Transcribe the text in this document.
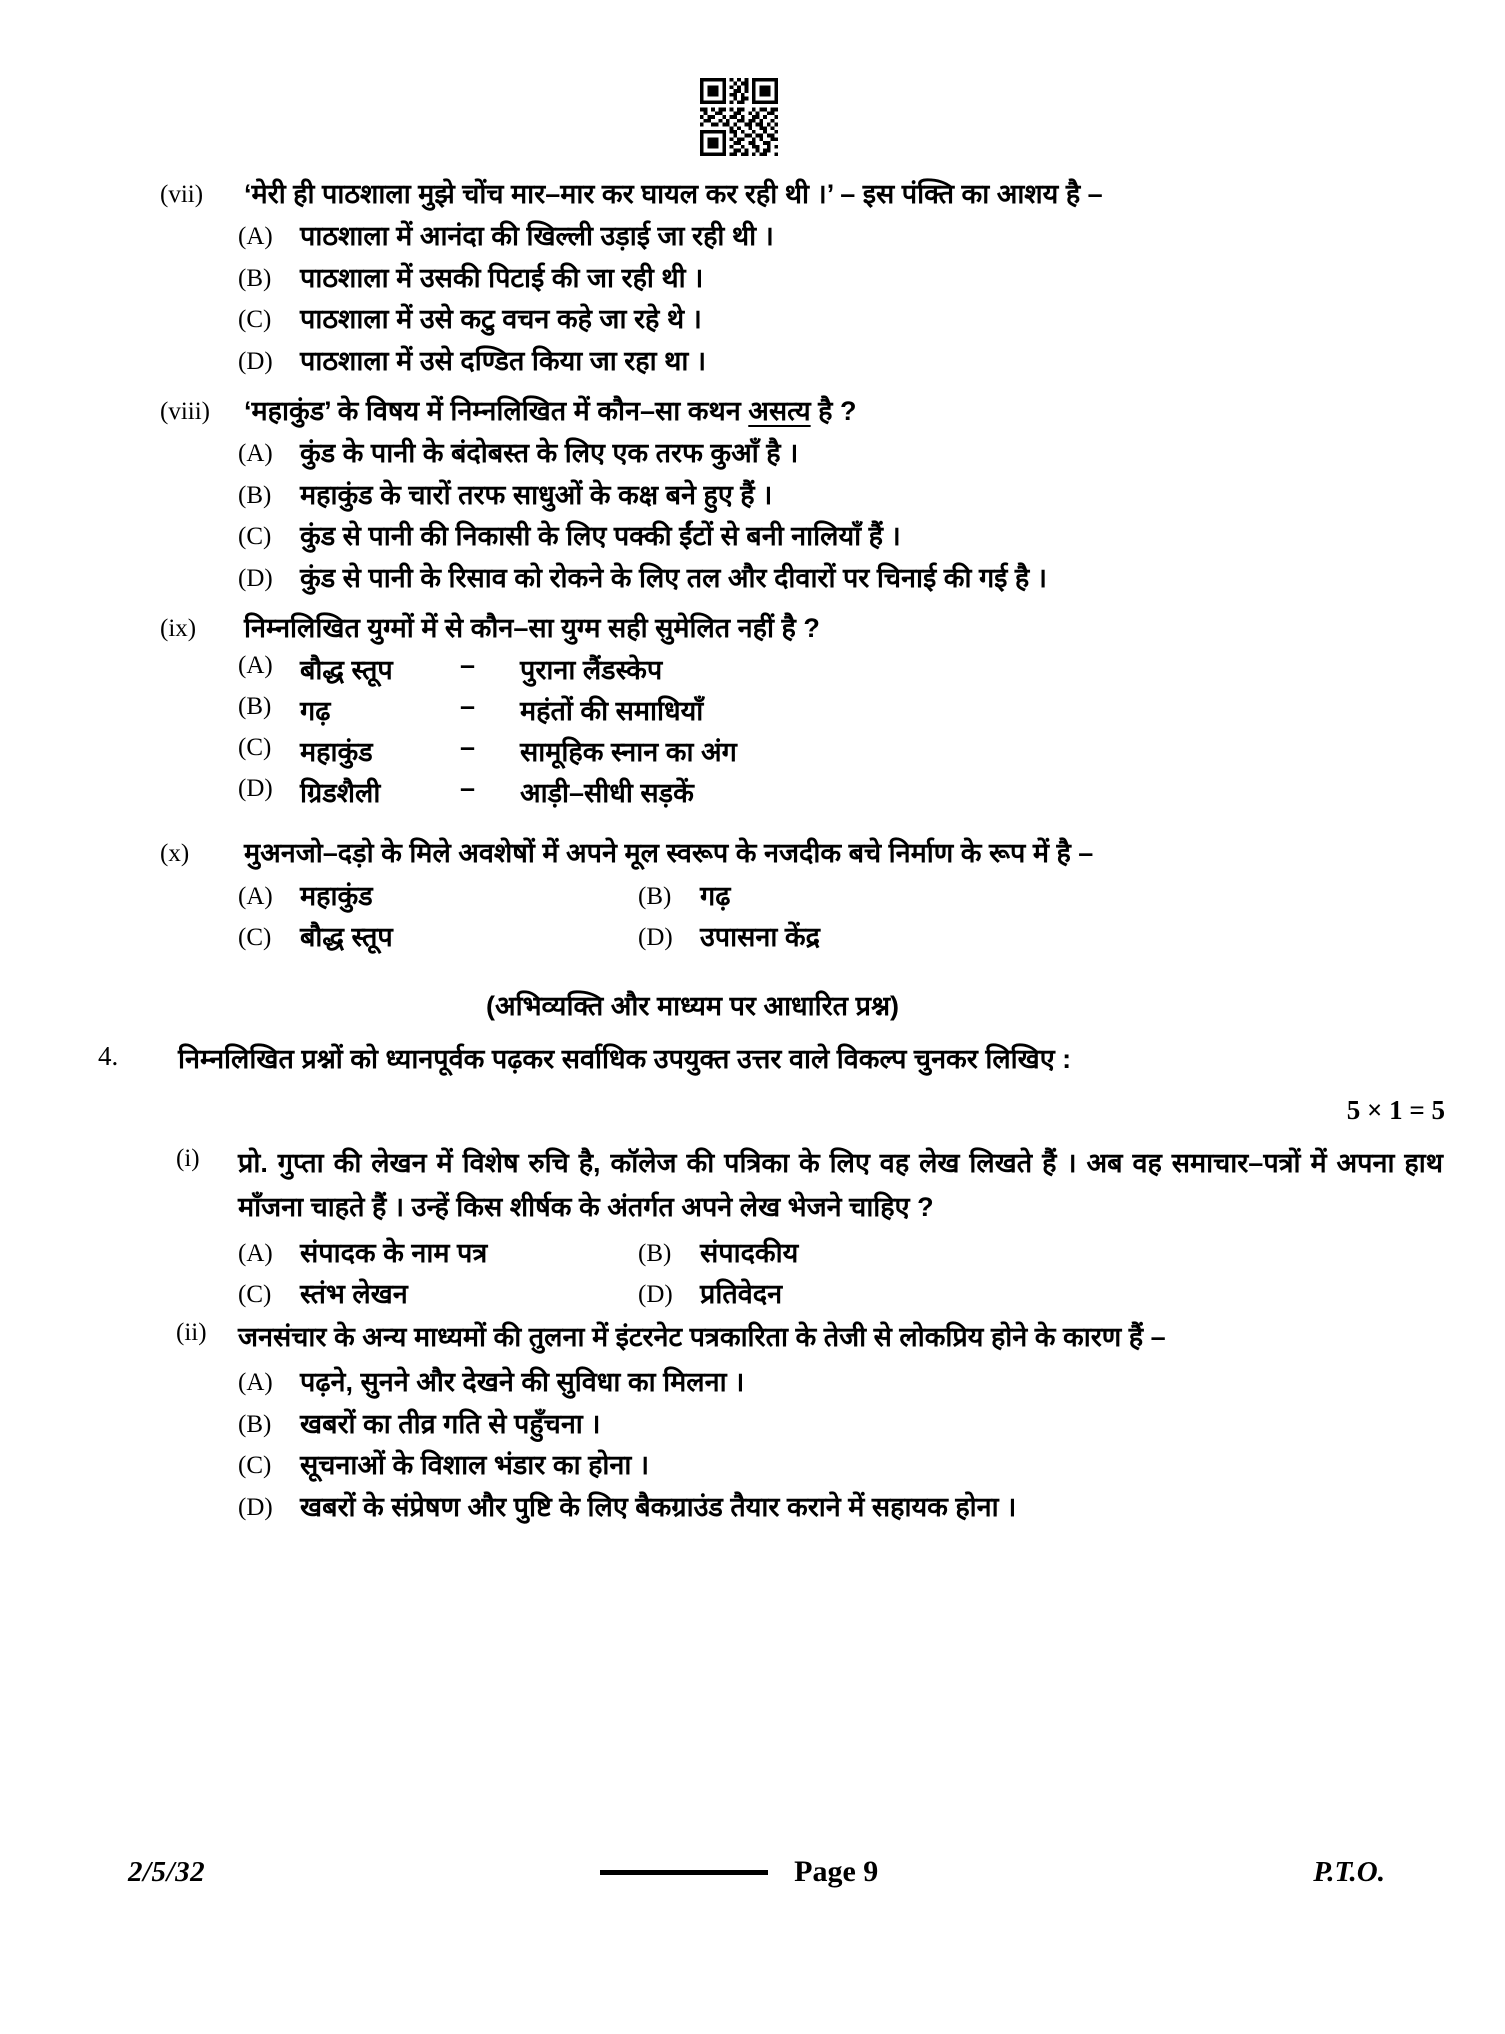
(vii)	‘मेरी ही पाठशाला मुझे चोंच मार–मार कर घायल कर रही थी ।’ – इस पंक्ति का आशय है –
(A)	पाठशाला में आनंदा की खिल्ली उड़ाई जा रही थी ।
(B)	पाठशाला में उसकी पिटाई की जा रही थी ।
(C)	पाठशाला में उसे कटु वचन कहे जा रहे थे ।
(D)	पाठशाला में उसे दण्डित किया जा रहा था ।
(viii)	‘महाकुंड’ के विषय में निम्नलिखित में कौन–सा कथन असत्य है ?
(A)	कुंड के पानी के बंदोबस्त के लिए एक तरफ कुआँ है ।
(B)	महाकुंड के चारों तरफ साधुओं के कक्ष बने हुए हैं ।
(C)	कुंड से पानी की निकासी के लिए पक्की ईंटों से बनी नालियाँ हैं ।
(D)	कुंड से पानी के रिसाव को रोकने के लिए तल और दीवारों पर चिनाई की गई है ।
(ix)	निम्नलिखित युग्मों में से कौन–सा युग्म सही सुमेलित नहीं है ?
(A)	बौद्ध स्तूप	–	पुराना लैंडस्केप
(B)	गढ़	–	महंतों की समाधियाँ
(C)	महाकुंड	–	सामूहिक स्नान का अंग
(D)	ग्रिडशैली	–	आड़ी–सीधी सड़कें
(x)	मुअनजो–दड़ो के मिले अवशेषों में अपने मूल स्वरूप के नजदीक बचे निर्माण के रूप में है –
(A)	महाकुंड	(B)	गढ़
(C)	बौद्ध स्तूप	(D)	उपासना केंद्र
(अभिव्यक्ति और माध्यम पर आधारित प्रश्न)
4.	निम्नलिखित प्रश्नों को ध्यानपूर्वक पढ़कर सर्वाधिक उपयुक्त उत्तर वाले विकल्प चुनकर लिखिए :
5 × 1 = 5
(i)	प्रो. गुप्ता की लेखन में विशेष रुचि है, कॉलेज की पत्रिका के लिए वह लेख लिखते हैं । अब वह समाचार–पत्रों में अपना हाथ माँजना चाहते हैं । उन्हें किस शीर्षक के अंतर्गत अपने लेख भेजने चाहिए ?
(A)	संपादक के नाम पत्र	(B)	संपादकीय
(C)	स्तंभ लेखन	(D)	प्रतिवेदन
(ii)	जनसंचार के अन्य माध्यमों की तुलना में इंटरनेट पत्रकारिता के तेजी से लोकप्रिय होने के कारण हैं –
(A)	पढ़ने, सुनने और देखने की सुविधा का मिलना ।
(B)	खबरों का तीव्र गति से पहुँचना ।
(C)	सूचनाओं के विशाल भंडार का होना ।
(D)	खबरों के संप्रेषण और पुष्टि के लिए बैकग्राउंड तैयार कराने में सहायक होना ।
2/5/32	Page 9	P.T.O.
